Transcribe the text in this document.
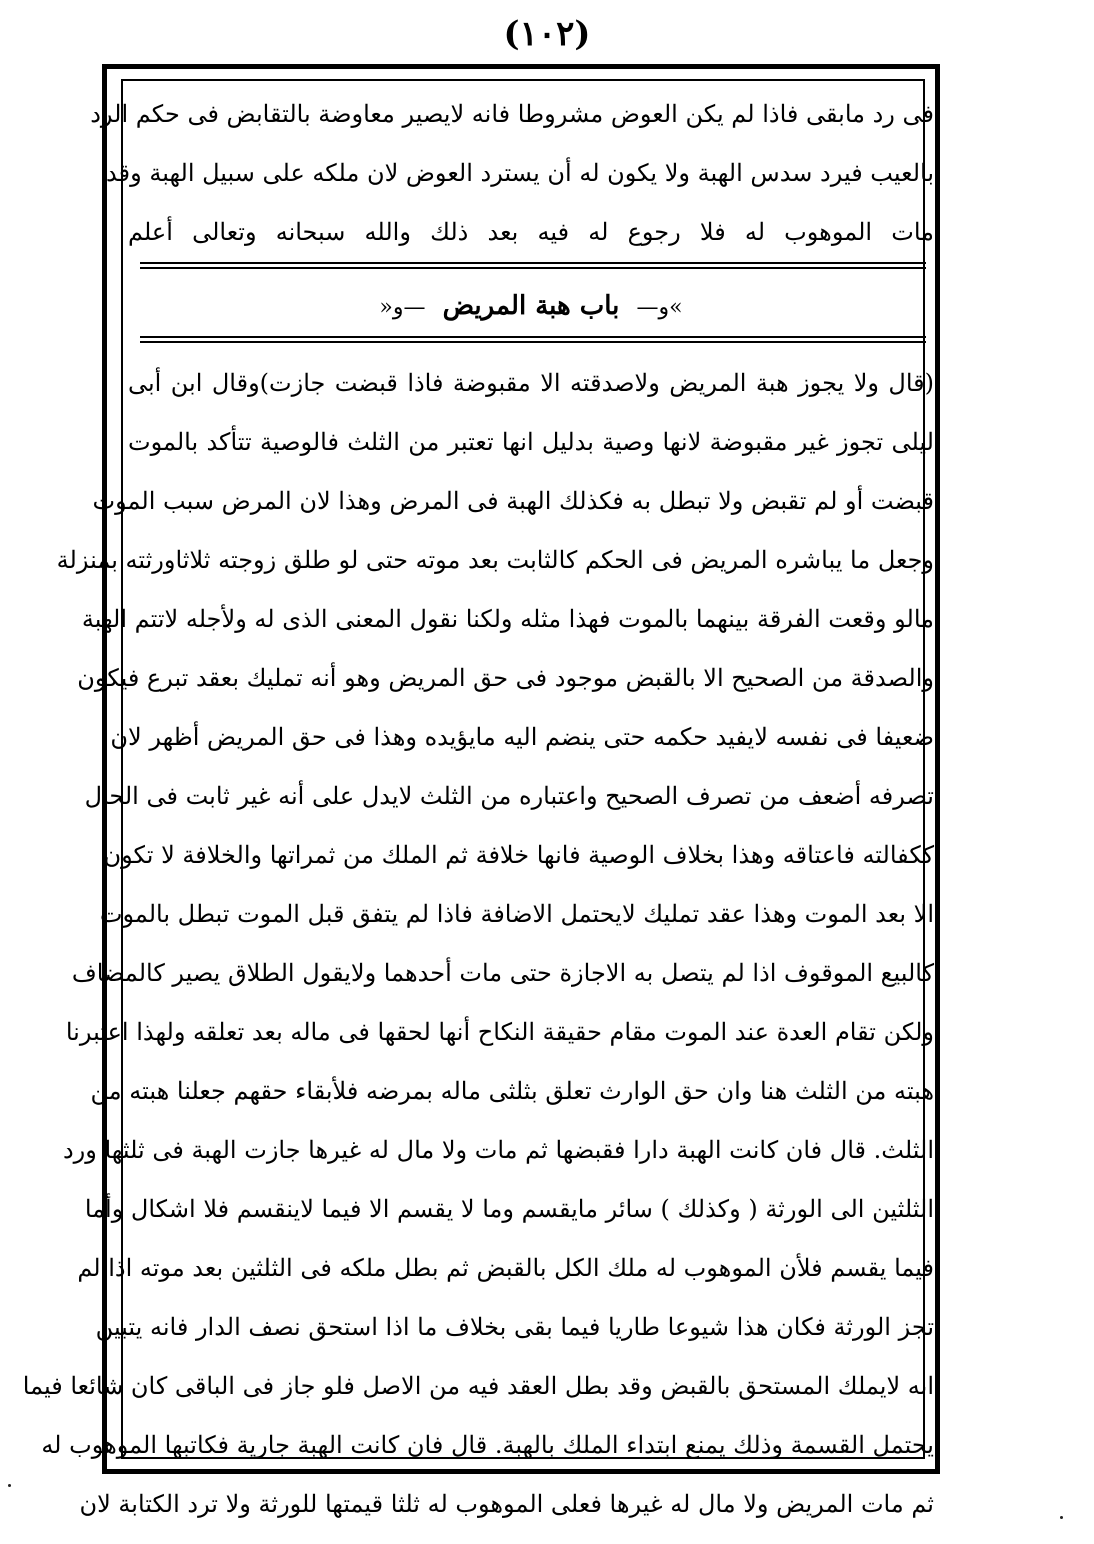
(١٠٢)
فى رد مابقى فاذا لم يكن العوض مشروطا فانه لايصير معاوضة بالتقابض فى حكم الرد
بالعيب فيرد سدس الهبة ولا يكون له أن يسترد العوض لان ملكه على سبيل الهبة وقد
مات الموهوب له فلا رجوع له فيه بعد ذلك والله سبحانه وتعالى أعلم
»ﻭ— باب هبة المريض —ﻭ«
(قال ولا يجوز هبة المريض ولاصدقته الا مقبوضة فاذا قبضت جازت)وقال ابن أبى
ليلى تجوز غير مقبوضة لانها وصية بدليل انها تعتبر من الثلث فالوصية تتأكد بالموت
قبضت أو لم تقبض ولا تبطل به فكذلك الهبة فى المرض وهذا لان المرض سبب الموت
وجعل ما يباشره المريض فى الحكم كالثابت بعد موته حتى لو طلق زوجته ثلاثاورثته بمنزلة
مالو وقعت الفرقة بينهما بالموت فهذا مثله ولكنا نقول المعنى الذى له ولأجله لاتتم الهبة
والصدقة من الصحيح الا بالقبض موجود فى حق المريض وهو أنه تمليك بعقد تبرع فيكون
ضعيفا فى نفسه لايفيد حكمه حتى ينضم اليه مايؤيده وهذا فى حق المريض أظهر لان
تصرفه أضعف من تصرف الصحيح واعتباره من الثلث لايدل على أنه غير ثابت فى الحال
ككفالته فاعتاقه وهذا بخلاف الوصية فانها خلافة ثم الملك من ثمراتها والخلافة لا تكون
الا بعد الموت وهذا عقد تمليك لايحتمل الاضافة فاذا لم يتفق قبل الموت تبطل بالموت
كالبيع الموقوف اذا لم يتصل به الاجازة حتى مات أحدهما ولايقول الطلاق يصير كالمضاف
ولكن تقام العدة عند الموت مقام حقيقة النكاح أنها لحقها فى ماله بعد تعلقه ولهذا اعتبرنا
هبته من الثلث هنا وان حق الوارث تعلق بثلثى ماله بمرضه فلأبقاء حقهم جعلنا هبته من
الثلث. قال فان كانت الهبة دارا فقبضها ثم مات ولا مال له غيرها جازت الهبة فى ثلثها ورد
الثلثين الى الورثة ( وكذلك ) سائر مايقسم وما لا يقسم الا فيما لاينقسم فلا اشكال وأما
فيما يقسم فلأن الموهوب له ملك الكل بالقبض ثم بطل ملكه فى الثلثين بعد موته اذا لم
تجز الورثة فكان هذا شيوعا طاريا فيما بقى بخلاف ما اذا استحق نصف الدار فانه يتبين
انه لايملك المستحق بالقبض وقد بطل العقد فيه من الاصل فلو جاز فى الباقى كان شائعا فيما
يحتمل القسمة وذلك يمنع ابتداء الملك بالهبة. قال فان كانت الهبة جارية فكاتبها الموهوب له
ثم مات المريض ولا مال له غيرها فعلى الموهوب له ثلثا قيمتها للورثة ولا ترد الكتابة لان
